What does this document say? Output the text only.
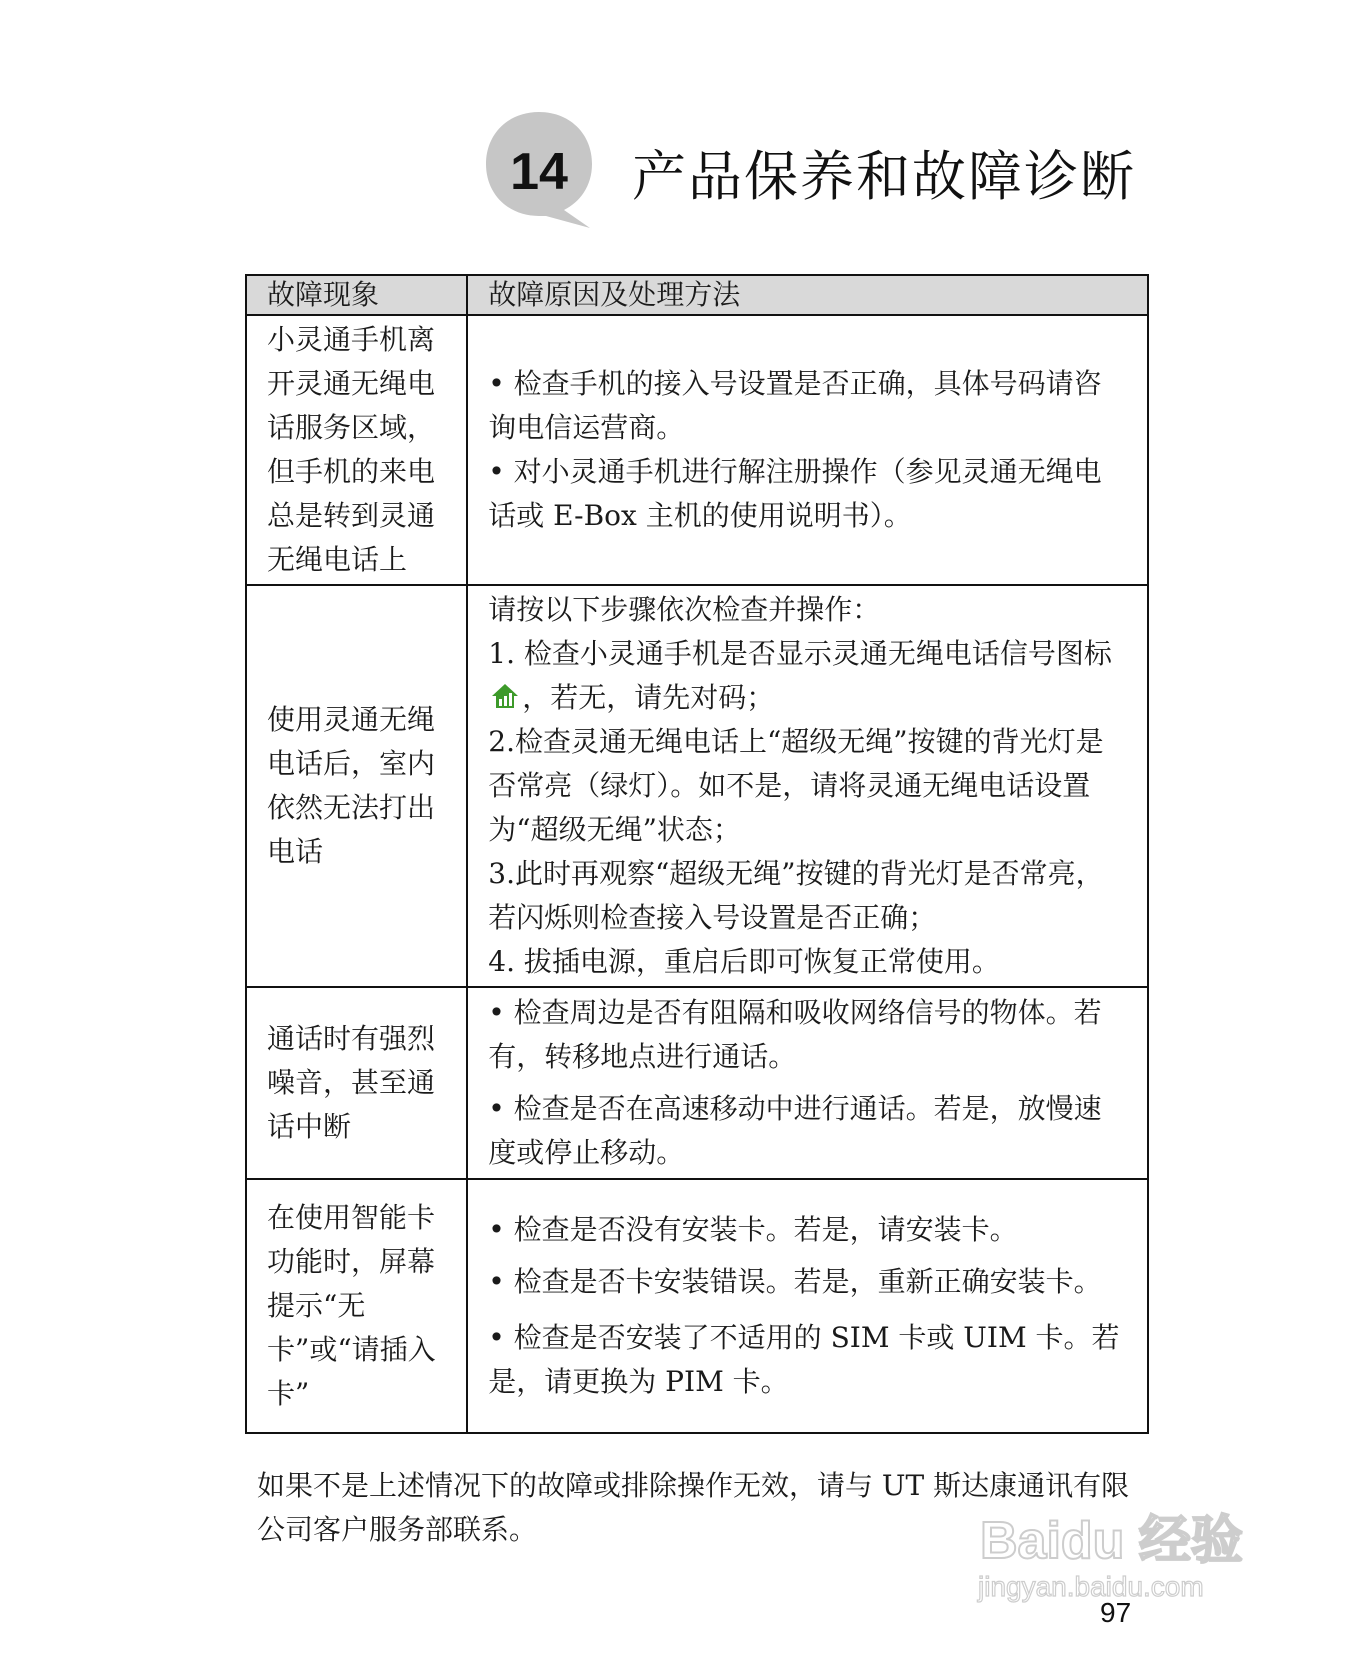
14	产品保养和故障诊断
故障现象	故障原因及处理方法
小灵通手机离开灵通无绳电话服务区域，但手机的来电总是转到灵通无绳电话上	• 检查手机的接入号设置是否正确，具体号码请咨询电信运营商。
• 对小灵通手机进行解注册操作（参见灵通无绳电话或 E-Box 主机的使用说明书）。

使用灵通无绳电话后，室内依然无法打出电话	请按以下步骤依次检查并操作：
1. 检查小灵通手机是否显示灵通无绳电话信号图标，若无，请先对码；
2.检查灵通无绳电话上“超级无绳”按键的背光灯是否常亮（绿灯）。如不是，请将灵通无绳电话设置为“超级无绳”状态；
3.此时再观察“超级无绳”按键的背光灯是否常亮，若闪烁则检查接入号设置是否正确；
4. 拔插电源，重启后即可恢复正常使用。

通话时有强烈噪音，甚至通话中断	• 检查周边是否有阻隔和吸收网络信号的物体。若有，转移地点进行通话。
• 检查是否在高速移动中进行通话。若是，放慢速度或停止移动。

在使用智能卡功能时，屏幕提示“无卡”或“请插入卡”	• 检查是否没有安装卡。若是，请安装卡。
• 检查是否卡安装错误。若是，重新正确安装卡。
• 检查是否安装了不适用的 SIM 卡或 UIM 卡。若是，请更换为 PIM 卡。
如果不是上述情况下的故障或排除操作无效，请与 UT 斯达康通讯有限公司客户服务部联系。	Baidu 经验
jingyan.baidu.com
97
